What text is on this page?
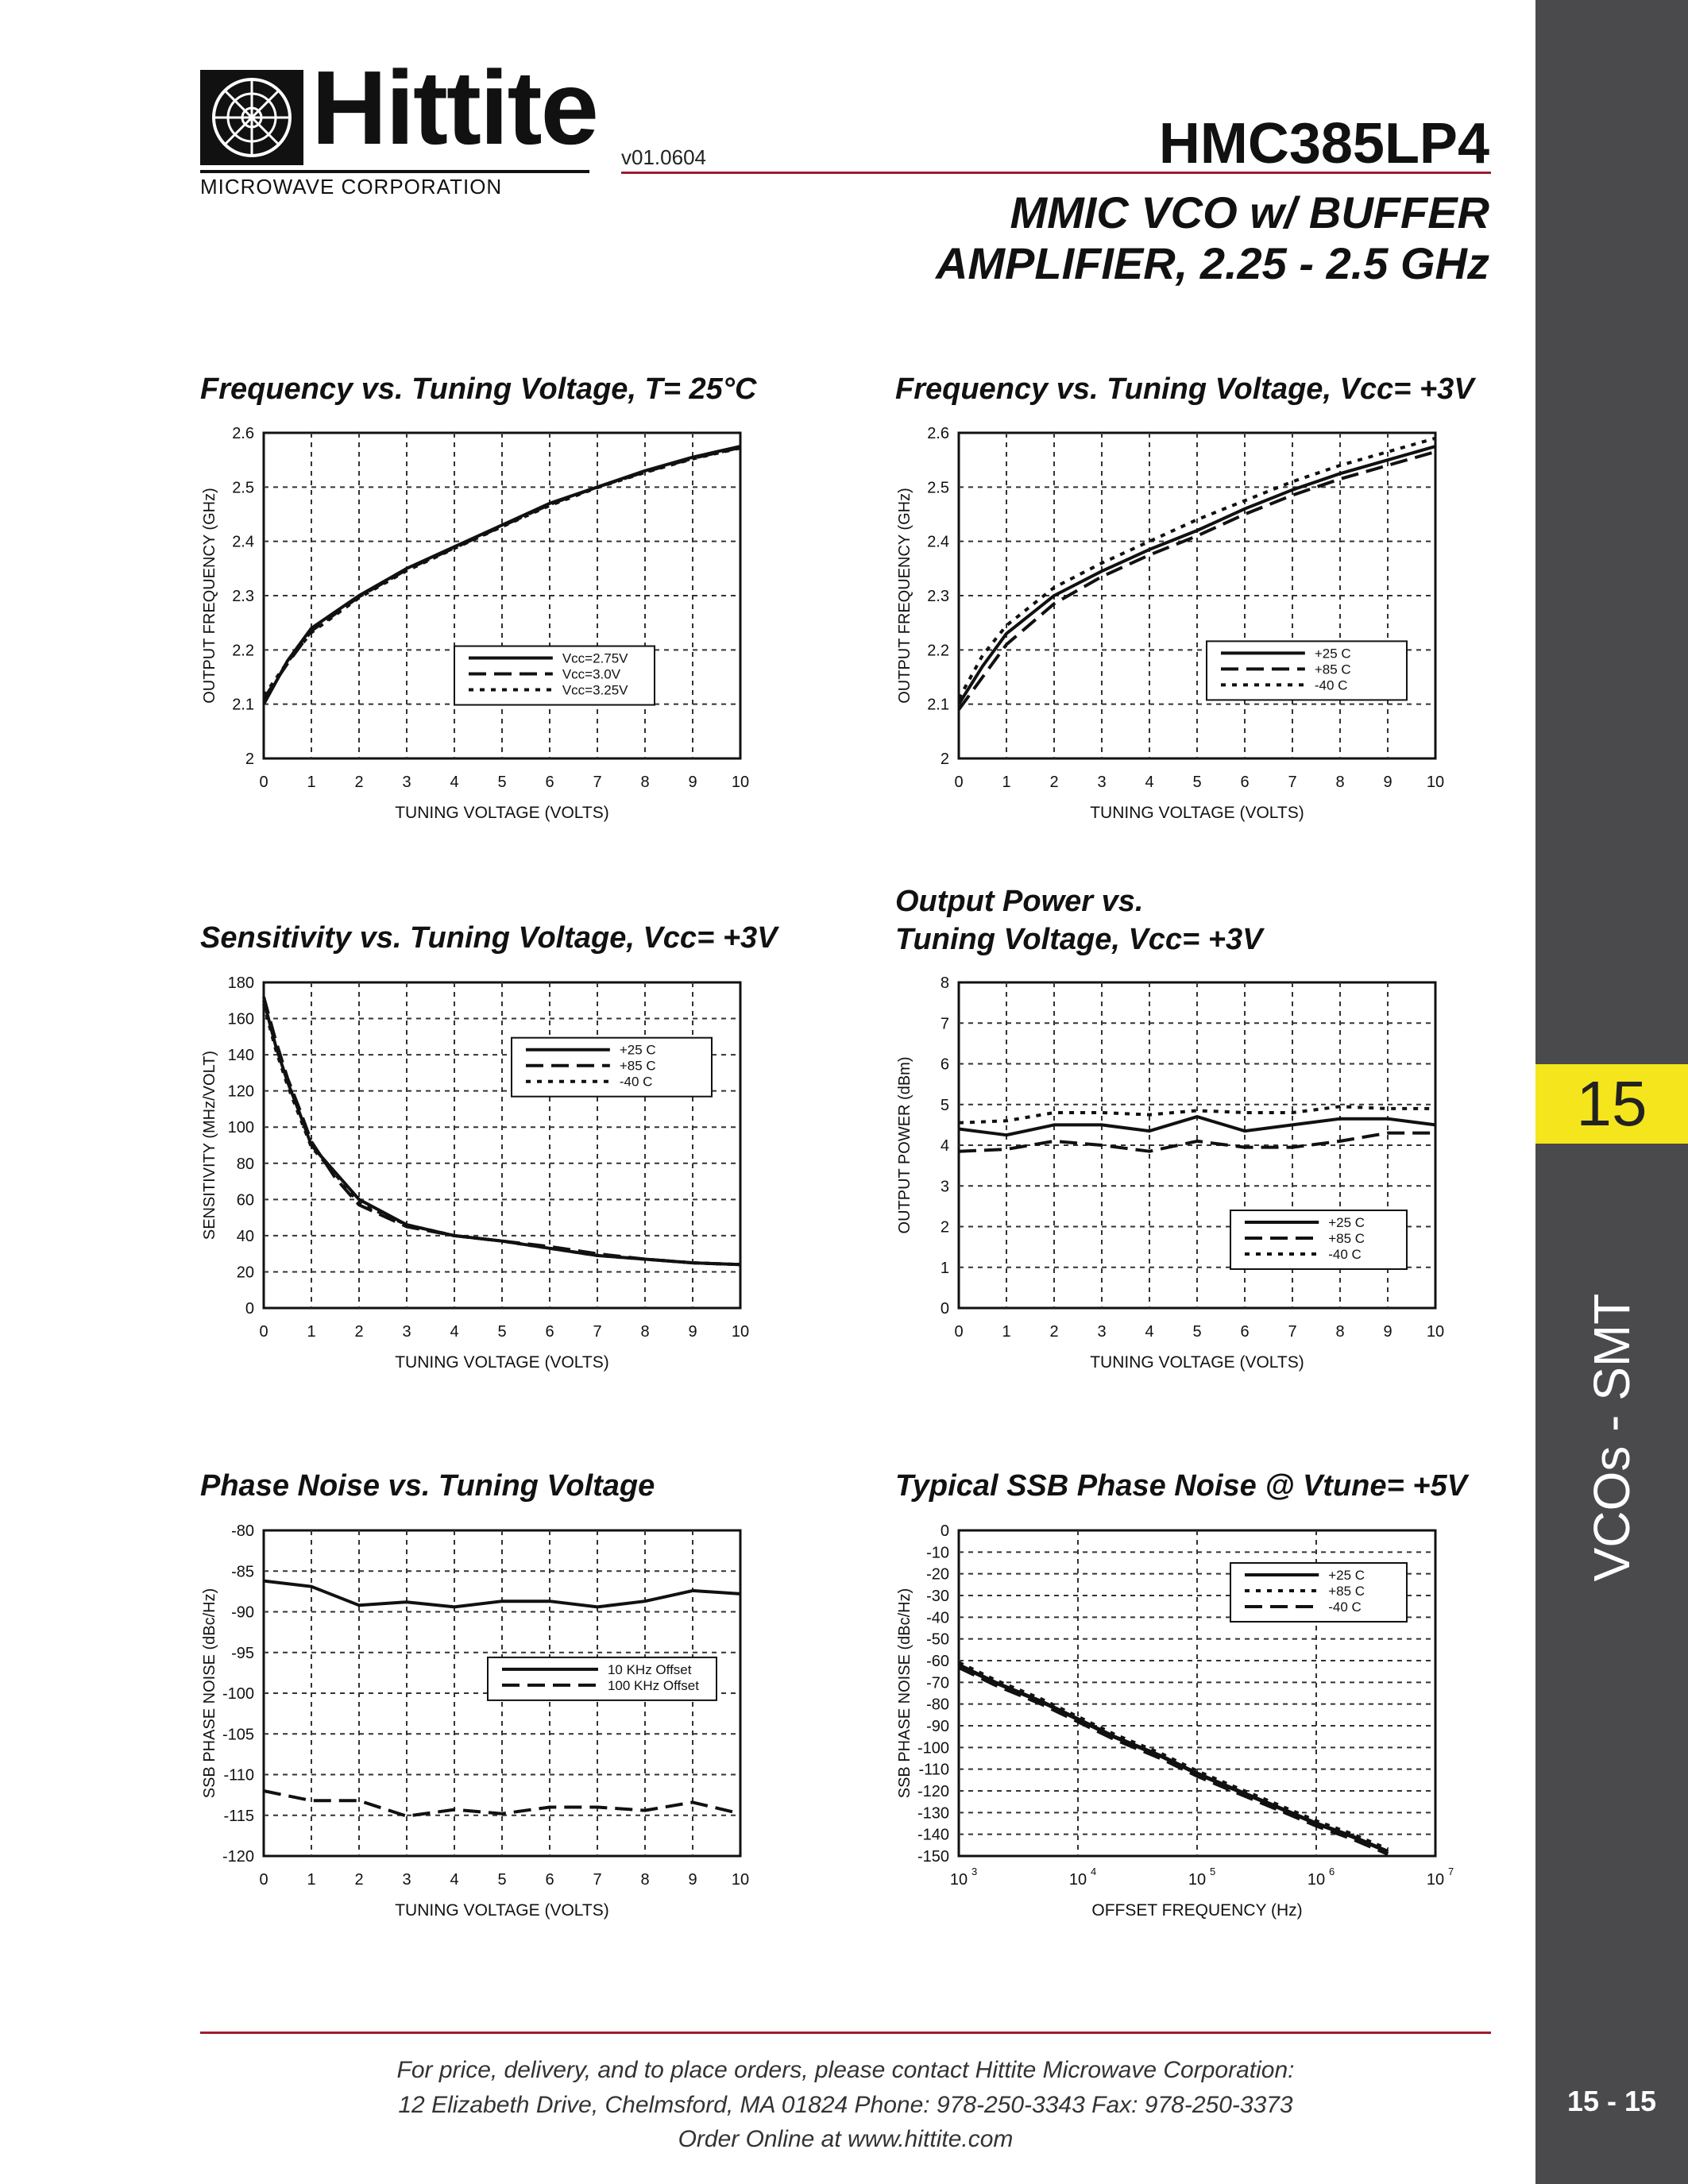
15
VCOs - SMT
15 - 15
Hittite
MICROWAVE CORPORATION
v01.0604	HMC385LP4
MMIC VCO w/ BUFFER
AMPLIFIER, 2.25 - 2.5 GHz
Frequency vs. Tuning Voltage, T= 25°C	Frequency vs. Tuning Voltage, Vcc= +3V
Sensitivity vs. Tuning Voltage, Vcc= +3V
Output Power vs.
Tuning Voltage, Vcc= +3V
Phase Noise vs. Tuning Voltage	Typical SSB Phase Noise @ Vtune= +5V
2
2.1
2.2
2.3
2.4
2.5
2.6
0 1 2 3 4 5 6 7 8 9 10
TUNING VOLTAGE (VOLTS)
OUTPUT FREQUENCY (GHz)	Vcc=2.75V
Vcc=3.0V
Vcc=3.25V
2
2.1
2.2
2.3
2.4
2.5
2.6
0 1 2 3 4 5 6 7 8 9 10
TUNING VOLTAGE (VOLTS)
OUTPUT FREQUENCY (GHz)	+25 C
+85 C
-40 C
0
20
40
60
80
100
120
140
160
180
0 1 2 3 4 5 6 7 8 9 10
TUNING VOLTAGE (VOLTS)
SENSITIVITY (MHz/VOLT)
+25 C
+85 C
-40 C
0
1
2
3
4
5
6
7
8
0 1 2 3 4 5 6 7 8 9 10
TUNING VOLTAGE (VOLTS)
OUTPUT POWER (dBm)	+25 C
+85 C
-40 C
-120
-115
-110
-105
-100
-95
-90
-85
-80
0 1 2 3 4 5 6 7 8 9 10
TUNING VOLTAGE (VOLTS)
SSB PHASE NOISE (dBc/Hz)	10 KHz Offset
100 KHz Offset
-150
-140
-130
-120
-110
-100
-90
-80
-70
-60
-50
-40
-30
-20
-10
0
10 3	10 4	10 5	10 6	10 7
OFFSET FREQUENCY (Hz)
SSB PHASE NOISE (dBc/Hz)
+25 C
+85 C
-40 C
For price, delivery, and to place orders, please contact Hittite Microwave Corporation:
12 Elizabeth Drive, Chelmsford, MA 01824 Phone: 978-250-3343 Fax: 978-250-3373
Order Online at www.hittite.com
